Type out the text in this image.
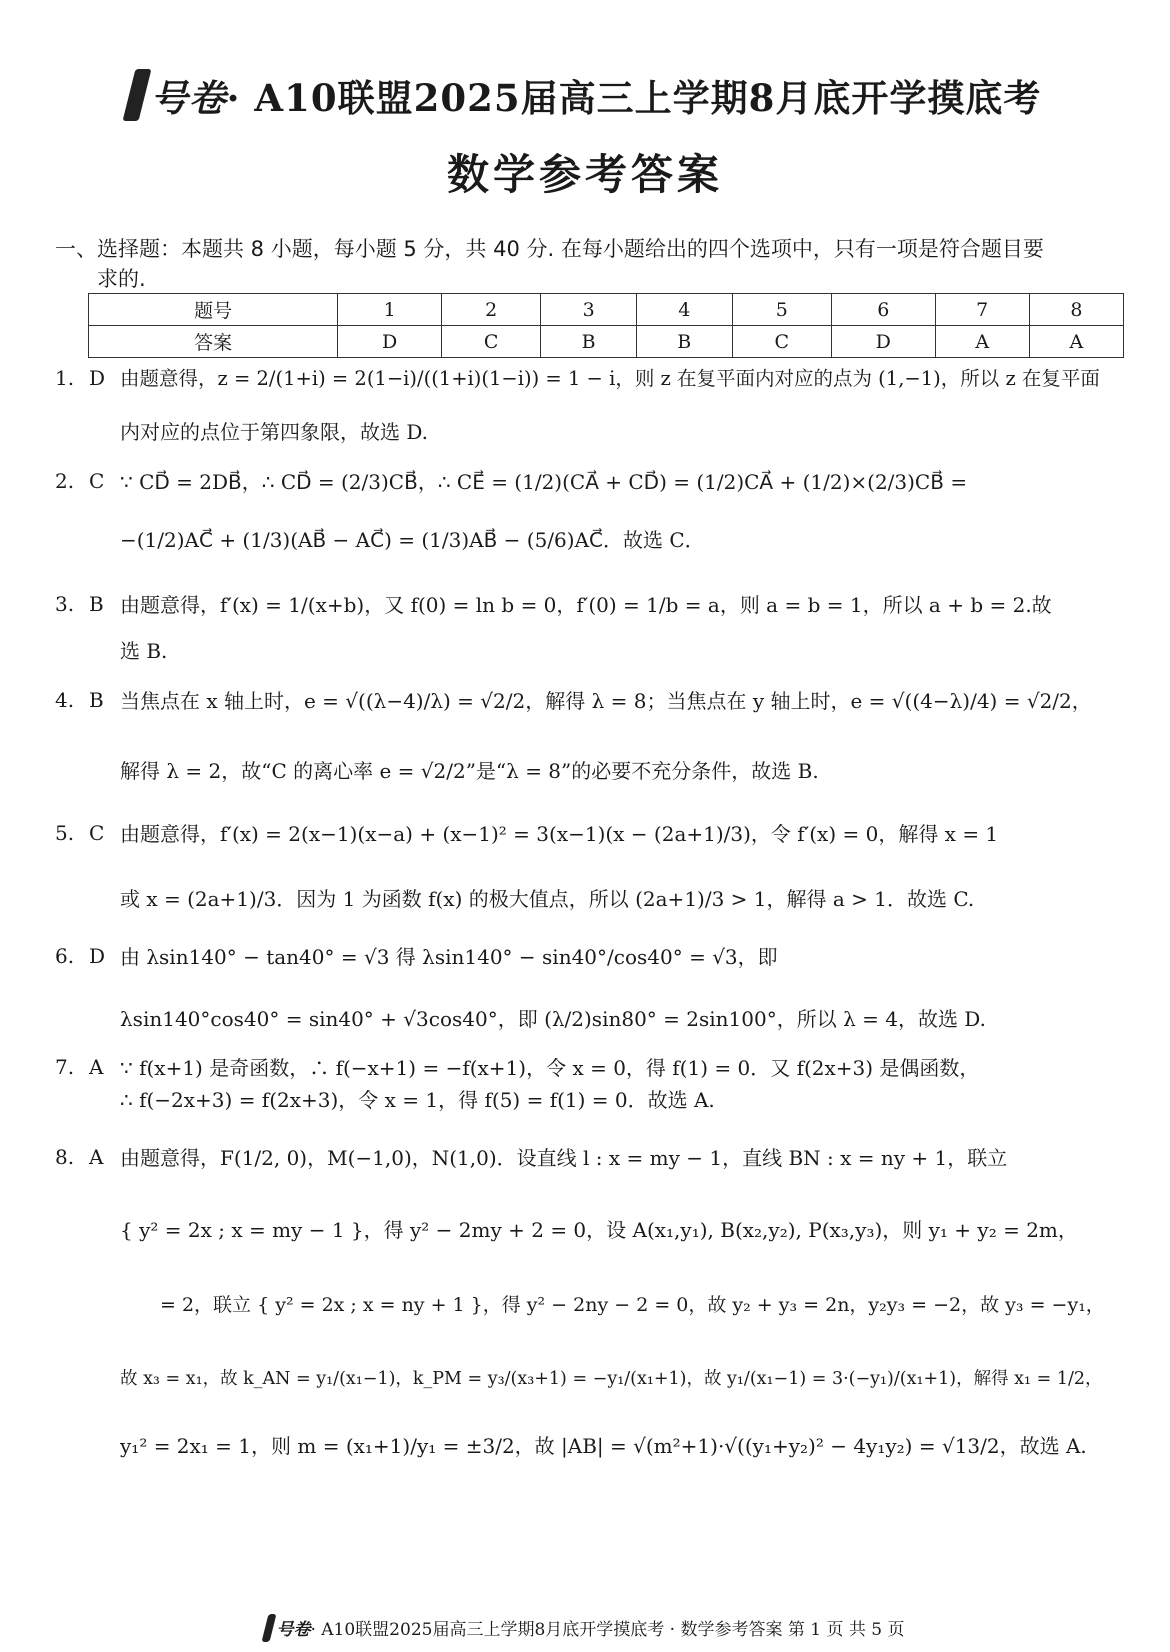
号卷· A10联盟2025届高三上学期8月底开学摸底考
数学参考答案
一、选择题：本题共 8 小题，每小题 5 分，共 40 分. 在每小题给出的四个选项中，只有一项是符合题目要
求的.
题号	1	2	3	4	5	6	7	8
答案	D	C	B	B	C	D	A	A
1. D 由题意得，z = 2/(1+i) = 2(1−i)/((1+i)(1−i)) = 1 − i，则 z 在复平面内对应的点为 (1,−1)，所以 z 在复平面
内对应的点位于第四象限，故选 D.
2. C ∵ CD⃗ = 2DB⃗，∴ CD⃗ = (2/3)CB⃗，∴ CE⃗ = (1/2)(CA⃗ + CD⃗) = (1/2)CA⃗ + (1/2)×(2/3)CB⃗ =
−(1/2)AC⃗ + (1/3)(AB⃗ − AC⃗) = (1/3)AB⃗ − (5/6)AC⃗．故选 C．
3. B 由题意得，f′(x) = 1/(x+b)，又 f(0) = ln b = 0，f′(0) = 1/b = a，则 a = b = 1，所以 a + b = 2.故
选 B.
4. B 当焦点在 x 轴上时，e = √((λ−4)/λ) = √2/2，解得 λ = 8；当焦点在 y 轴上时，e = √((4−λ)/4) = √2/2，
解得 λ = 2，故“C 的离心率 e = √2/2”是“λ = 8”的必要不充分条件，故选 B.
5. C 由题意得，f′(x) = 2(x−1)(x−a) + (x−1)² = 3(x−1)(x − (2a+1)/3)，令 f′(x) = 0，解得 x = 1
或 x = (2a+1)/3．因为 1 为函数 f(x) 的极大值点，所以 (2a+1)/3 > 1，解得 a > 1．故选 C.
6. D 由 λsin140° − tan40° = √3 得 λsin140° − sin40°/cos40° = √3，即
λsin140°cos40° = sin40° + √3cos40°，即 (λ/2)sin80° = 2sin100°，所以 λ = 4，故选 D.
7. A ∵ f(x+1) 是奇函数，∴ f(−x+1) = −f(x+1)，令 x = 0，得 f(1) = 0．又 f(2x+3) 是偶函数，
∴ f(−2x+3) = f(2x+3)，令 x = 1，得 f(5) = f(1) = 0．故选 A.
8. A 由题意得，F(1/2, 0)，M(−1,0)，N(1,0)．设直线 l : x = my − 1，直线 BN : x = ny + 1，联立
{ y² = 2x ; x = my − 1 }，得 y² − 2my + 2 = 0，设 A(x₁,y₁), B(x₂,y₂), P(x₃,y₃)，则 y₁ + y₂ = 2m，
= 2，联立 { y² = 2x ; x = ny + 1 }，得 y² − 2ny − 2 = 0，故 y₂ + y₃ = 2n，y₂y₃ = −2，故 y₃ = −y₁，
故 x₃ = x₁，故 k_AN = y₁/(x₁−1)，k_PM = y₃/(x₃+1) = −y₁/(x₁+1)，故 y₁/(x₁−1) = 3·(−y₁)/(x₁+1)，解得 x₁ = 1/2，
y₁² = 2x₁ = 1，则 m = (x₁+1)/y₁ = ±3/2，故 |AB| = √(m²+1)·√((y₁+y₂)² − 4y₁y₂) = √13/2，故选 A.
号卷· A10联盟2025届高三上学期8月底开学摸底考 · 数学参考答案 第 1 页 共 5 页
